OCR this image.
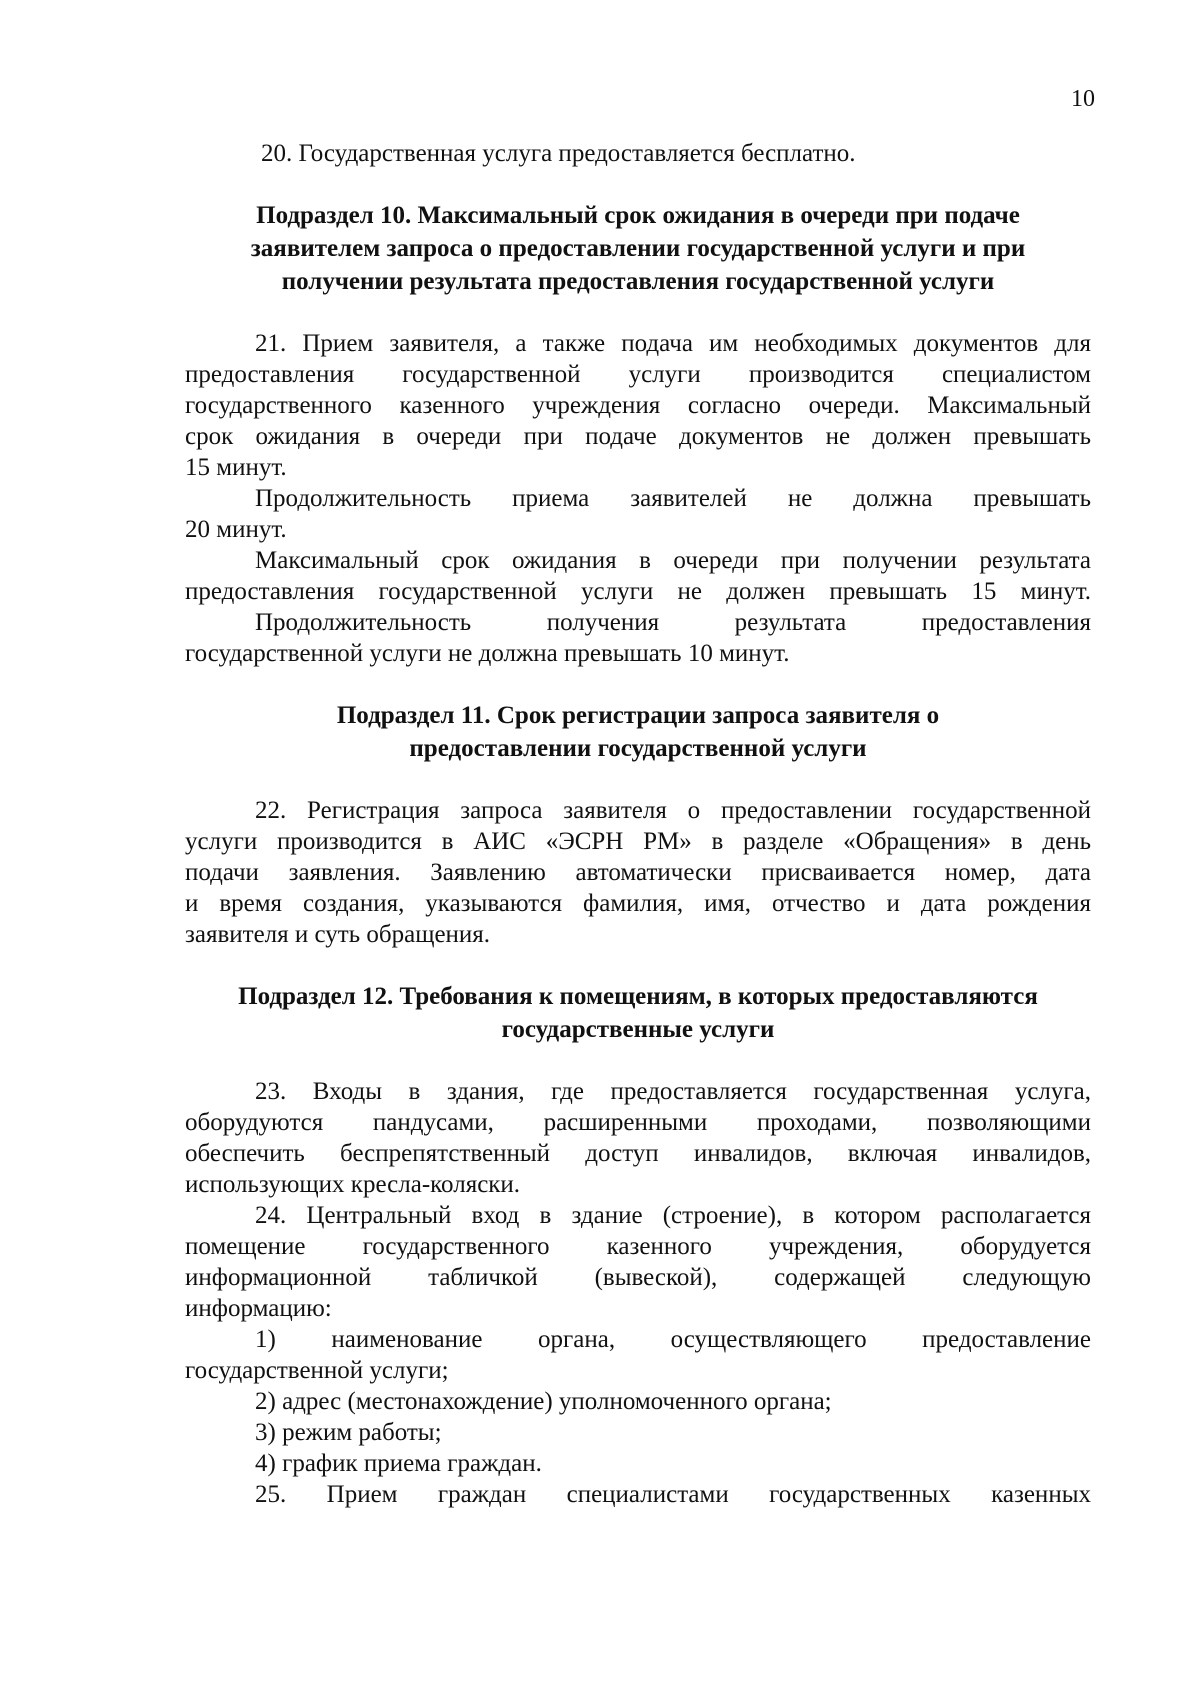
10
20. Государственная услуга предоставляется бесплатно.
Подраздел 10. Максимальный срок ожидания в очереди при подаче
заявителем запроса о предоставлении государственной услуги и при
получении результата предоставления государственной услуги
21. Прием заявителя, а также подача им необходимых документов для
предоставления государственной услуги производится специалистом
государственного казенного учреждения согласно очереди. Максимальный
срок ожидания в очереди при подаче документов не должен превышать
15 минут.
Продолжительность приема заявителей не должна превышать
20 минут.
Максимальный срок ожидания в очереди при получении результата
предоставления государственной услуги не должен превышать 15 минут.
Продолжительность получения результата предоставления
государственной услуги не должна превышать 10 минут.
Подраздел 11. Срок регистрации запроса заявителя о
предоставлении государственной услуги
22. Регистрация запроса заявителя о предоставлении государственной
услуги производится в АИС «ЭСРН РМ» в разделе «Обращения» в день
подачи заявления. Заявлению автоматически присваивается номер, дата
и время создания, указываются фамилия, имя, отчество и дата рождения
заявителя и суть обращения.
Подраздел 12. Требования к помещениям, в которых предоставляются
государственные услуги
23. Входы в здания, где предоставляется государственная услуга,
оборудуются пандусами, расширенными проходами, позволяющими
обеспечить беспрепятственный доступ инвалидов, включая инвалидов,
использующих кресла-коляски.
24. Центральный вход в здание (строение), в котором располагается
помещение государственного казенного учреждения, оборудуется
информационной табличкой (вывеской), содержащей следующую
информацию:
1) наименование органа, осуществляющего предоставление
государственной услуги;
2) адрес (местонахождение) уполномоченного органа;
3) режим работы;
4) график приема граждан.
25. Прием граждан специалистами государственных казенных
